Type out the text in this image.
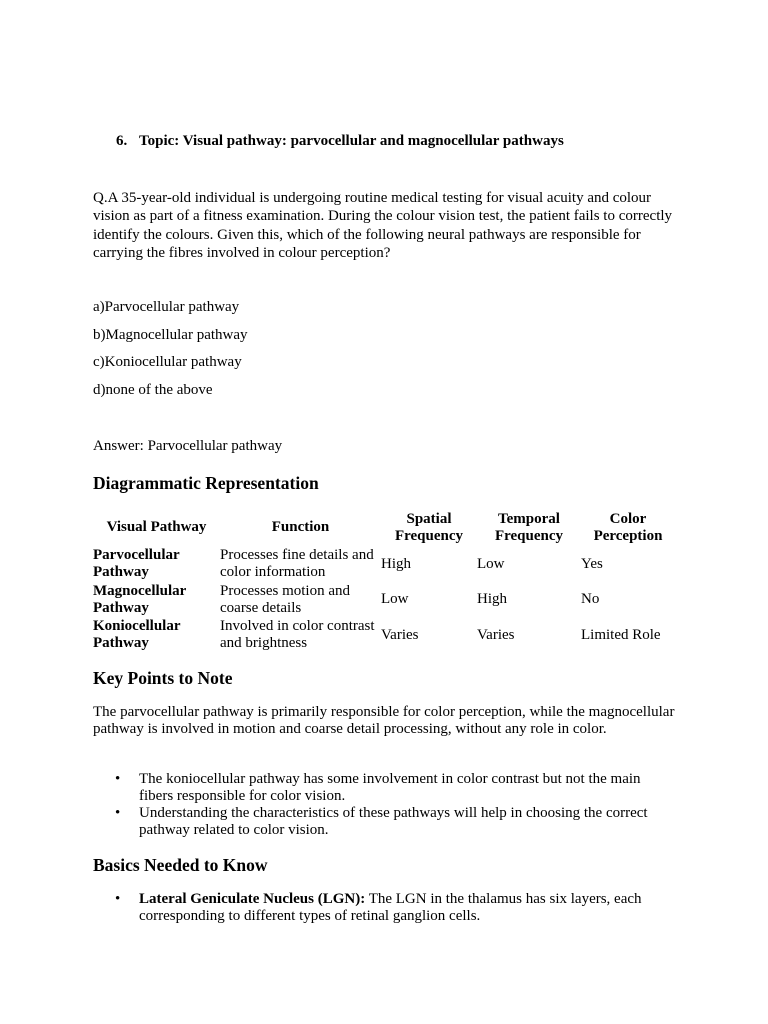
6. Topic: Visual pathway: parvocellular and magnocellular pathways
Q.A 35-year-old individual is undergoing routine medical testing for visual acuity and colour vision as part of a fitness examination. During the colour vision test, the patient fails to correctly identify the colours. Given this, which of the following neural pathways are responsible for carrying the fibres involved in colour perception?
a)Parvocellular pathway
b)Magnocellular pathway
c)Koniocellular pathway
d)none of the above
Answer: Parvocellular pathway
Diagrammatic Representation
Visual Pathway	Function	Spatial Frequency	Temporal Frequency	Color Perception
Parvocellular Pathway	Processes fine details and color information	High	Low	Yes
Magnocellular Pathway	Processes motion and coarse details	Low	High	No
Koniocellular Pathway	Involved in color contrast and brightness	Varies	Varies	Limited Role
Key Points to Note
The parvocellular pathway is primarily responsible for color perception, while the magnocellular pathway is involved in motion and coarse detail processing, without any role in color.
• The koniocellular pathway has some involvement in color contrast but not the main fibers responsible for color vision.
• Understanding the characteristics of these pathways will help in choosing the correct pathway related to color vision.
Basics Needed to Know
• Lateral Geniculate Nucleus (LGN): The LGN in the thalamus has six layers, each corresponding to different types of retinal ganglion cells.
